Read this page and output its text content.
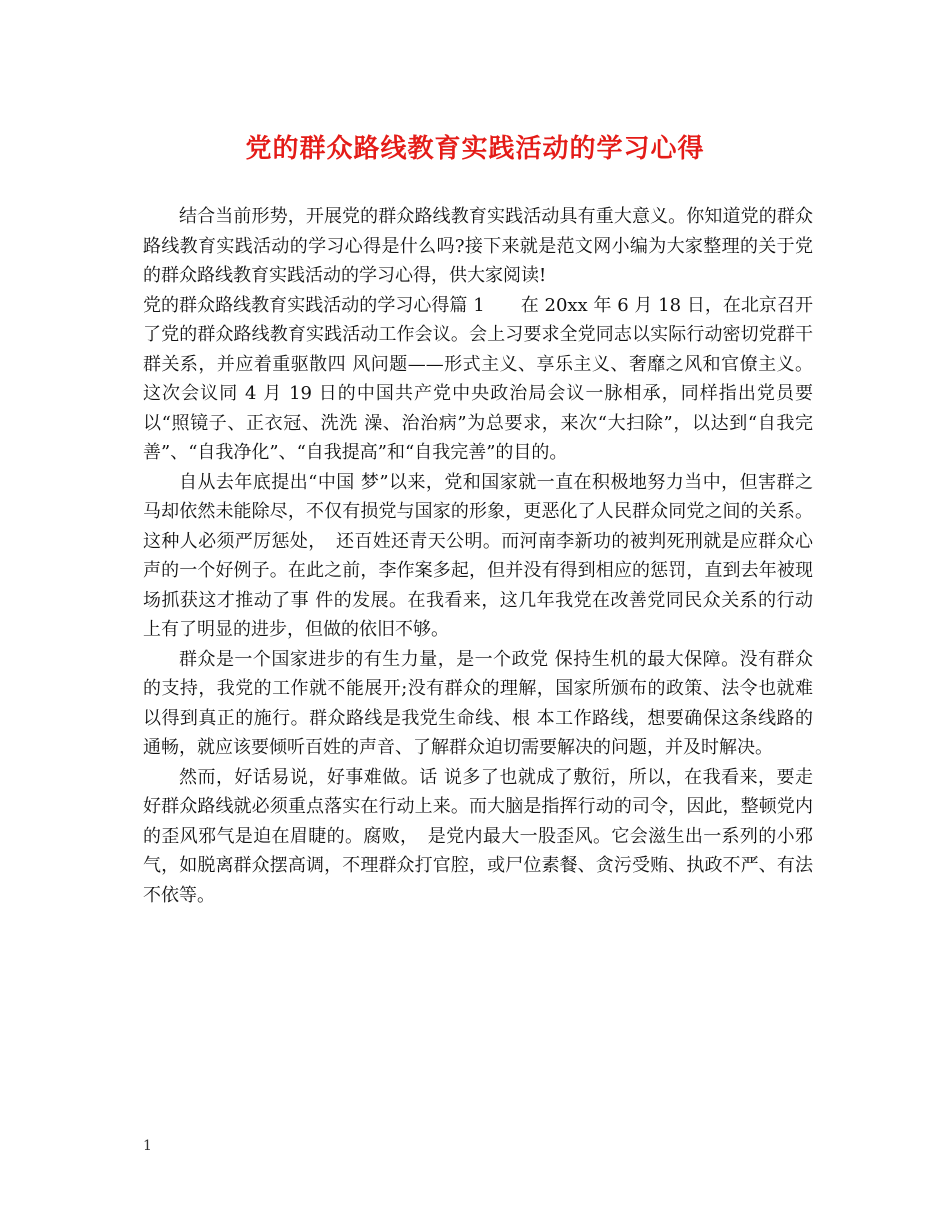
党的群众路线教育实践活动的学习心得

结合当前形势，开展党的群众路线教育实践活动具有重大意义。你知道党的群众路线教育实践活动的学习心得是什么吗?接下来就是范文网小编为大家整理的关于党的群众路线教育实践活动的学习心得，供大家阅读!

党的群众路线教育实践活动的学习心得篇 1　　在 20xx 年 6 月 18 日，在北京召开了党的群众路线教育实践活动工作会议。会上习要求全党同志以实际行动密切党群干群关系，并应着重驱散四 风问题——形式主义、享乐主义、奢靡之风和官僚主义。这次会议同 4 月 19 日的中国共产党中央政治局会议一脉相承，同样指出党员要以“照镜子、正衣冠、洗洗 澡、治治病”为总要求，来次“大扫除”，以达到“自我完善”、“自我净化”、“自我提高”和“自我完善”的目的。

自从去年底提出“中国 梦”以来，党和国家就一直在积极地努力当中，但害群之马却依然未能除尽，不仅有损党与国家的形象，更恶化了人民群众同党之间的关系。这种人必须严厉惩处，　还百姓还青天公明。而河南李新功的被判死刑就是应群众心声的一个好例子。在此之前，李作案多起，但并没有得到相应的惩罚，直到去年被现场抓获这才推动了事 件的发展。在我看来，这几年我党在改善党同民众关系的行动上有了明显的进步，但做的依旧不够。

群众是一个国家进步的有生力量，是一个政党 保持生机的最大保障。没有群众的支持，我党的工作就不能展开;没有群众的理解，国家所颁布的政策、法令也就难以得到真正的施行。群众路线是我党生命线、根 本工作路线，想要确保这条线路的通畅，就应该要倾听百姓的声音、了解群众迫切需要解决的问题，并及时解决。

然而，好话易说，好事难做。话 说多了也就成了敷衍，所以，在我看来，要走好群众路线就必须重点落实在行动上来。而大脑是指挥行动的司令，因此，整顿党内的歪风邪气是迫在眉睫的。腐败，　是党内最大一股歪风。它会滋生出一系列的小邪气，如脱离群众摆高调，不理群众打官腔，或尸位素餐、贪污受贿、执政不严、有法不依等。

1
